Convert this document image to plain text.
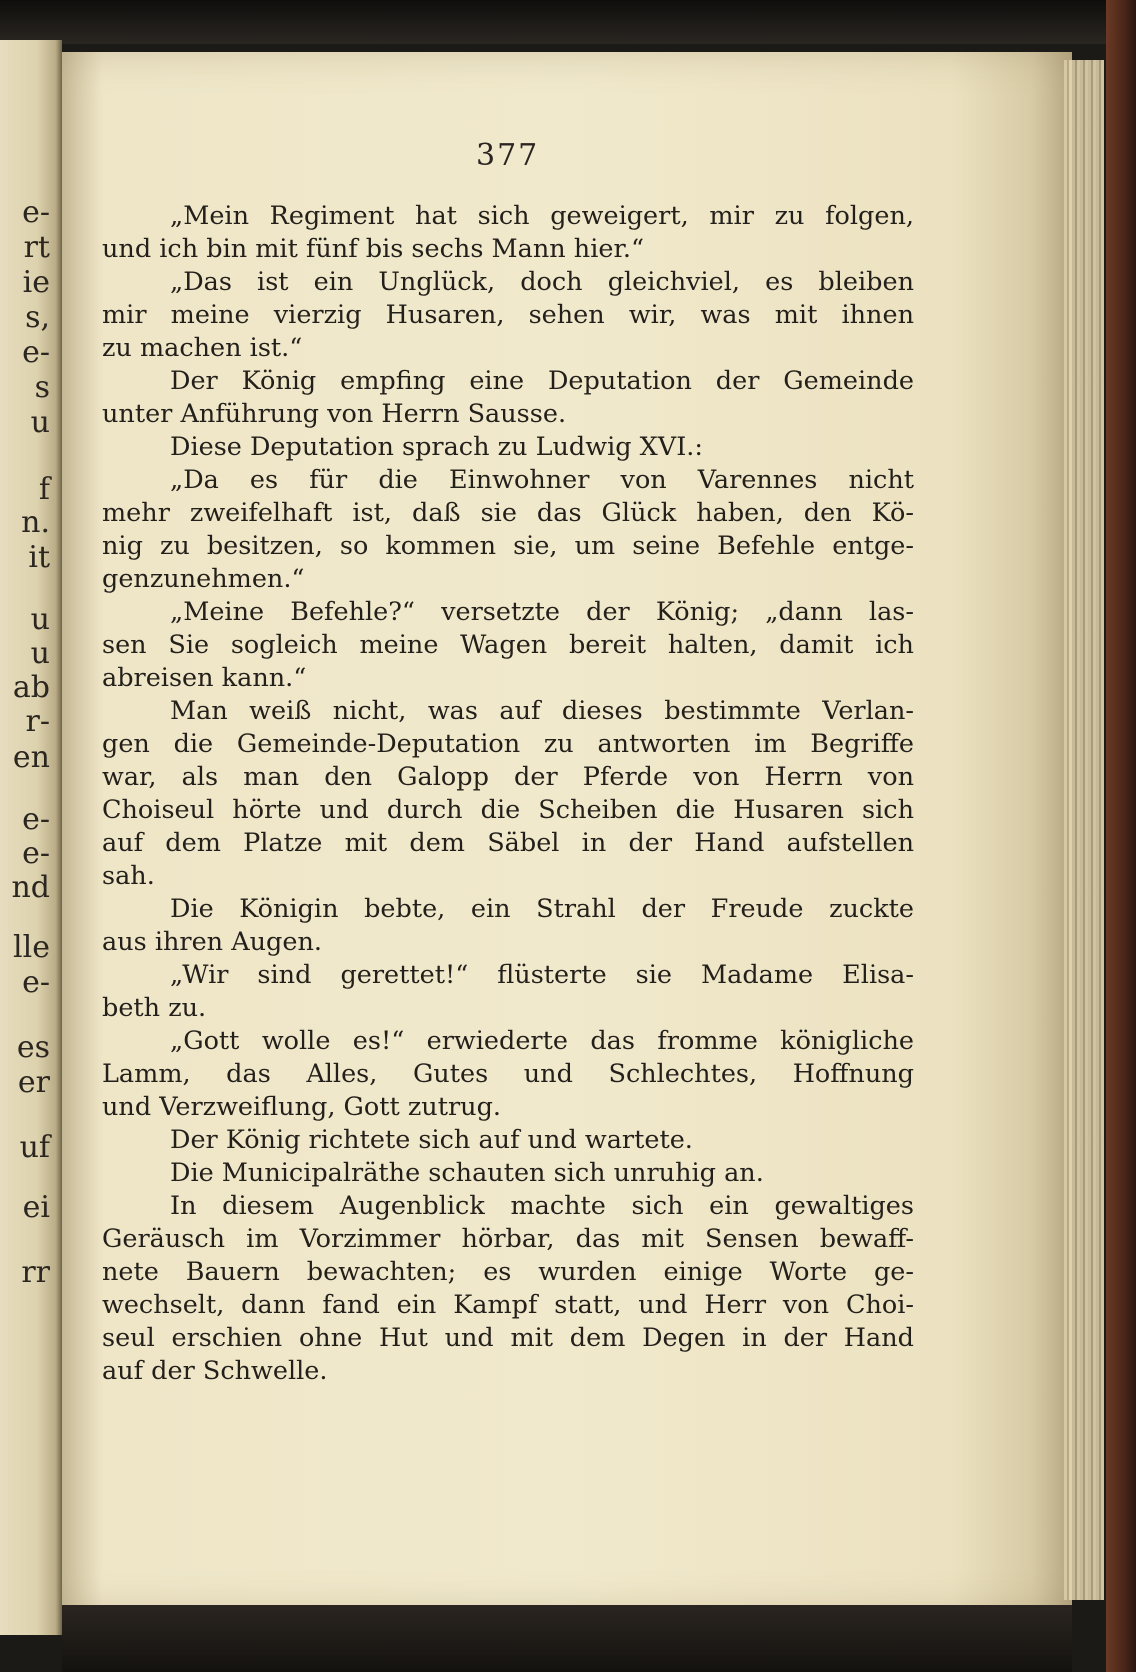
e-
rt
ie
s,
e-
s
u
f
n.
it
u
u
ab
r-
en
e-
e-
nd
lle
e-
es
er
uf
ei
rr
377
„Mein Regiment hat sich geweigert, mir zu folgen,
und ich bin mit fünf bis sechs Mann hier.“
„Das ist ein Unglück, doch gleichviel, es bleiben
mir meine vierzig Husaren, sehen wir, was mit ihnen
zu machen ist.“
Der König empfing eine Deputation der Gemeinde
unter Anführung von Herrn Sausse.
Diese Deputation sprach zu Ludwig XVI.:
„Da es für die Einwohner von Varennes nicht
mehr zweifelhaft ist, daß sie das Glück haben, den Kö-
nig zu besitzen, so kommen sie, um seine Befehle entge-
genzunehmen.“
„Meine Befehle?“ versetzte der König; „dann las-
sen Sie sogleich meine Wagen bereit halten, damit ich
abreisen kann.“
Man weiß nicht, was auf dieses bestimmte Verlan-
gen die Gemeinde-Deputation zu antworten im Begriffe
war, als man den Galopp der Pferde von Herrn von
Choiseul hörte und durch die Scheiben die Husaren sich
auf dem Platze mit dem Säbel in der Hand aufstellen
sah.
Die Königin bebte, ein Strahl der Freude zuckte
aus ihren Augen.
„Wir sind gerettet!“ flüsterte sie Madame Elisa-
beth zu.
„Gott wolle es!“ erwiederte das fromme königliche
Lamm, das Alles, Gutes und Schlechtes, Hoffnung
und Verzweiflung, Gott zutrug.
Der König richtete sich auf und wartete.
Die Municipalräthe schauten sich unruhig an.
In diesem Augenblick machte sich ein gewaltiges
Geräusch im Vorzimmer hörbar, das mit Sensen bewaff-
nete Bauern bewachten; es wurden einige Worte ge-
wechselt, dann fand ein Kampf statt, und Herr von Choi-
seul erschien ohne Hut und mit dem Degen in der Hand
auf der Schwelle.
